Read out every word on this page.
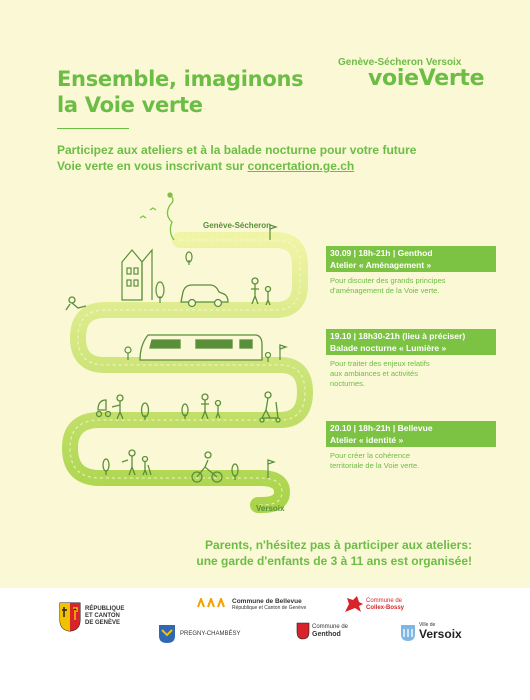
Ensemble, imaginons
la Voie verte
Genève-Sécheron Versoix
voieVerte
Participez aux ateliers et à la balade nocturne pour votre future
Voie verte en vous inscrivant sur concertation.ge.ch
Genève-Sécheron
Versoix
30.09 | 18h-21h | Genthod
Atelier « Aménagement »
Pour discuter des grands principes
d'aménagement de la Voie verte.
19.10 | 18h30-21h (lieu à préciser)
Balade nocturne « Lumière »
Pour traiter des enjeux relatifs
aux ambiances et activités
nocturnes.
20.10 | 18h-21h | Bellevue
Atelier « identité »
Pour créer la cohérence
territoriale de la Voie verte.
Parents, n'hésitez pas à participer aux ateliers:
une garde d'enfants de 3 à 11 ans est organisée!
RÉPUBLIQUE
ET CANTON
DE GENÈVE
Commune de Bellevue
République et Canton de Genève
Commune de
Collex-Bossy
PREGNY-CHAMBÉSY
Commune de
Genthod
Ville de
Versoix
